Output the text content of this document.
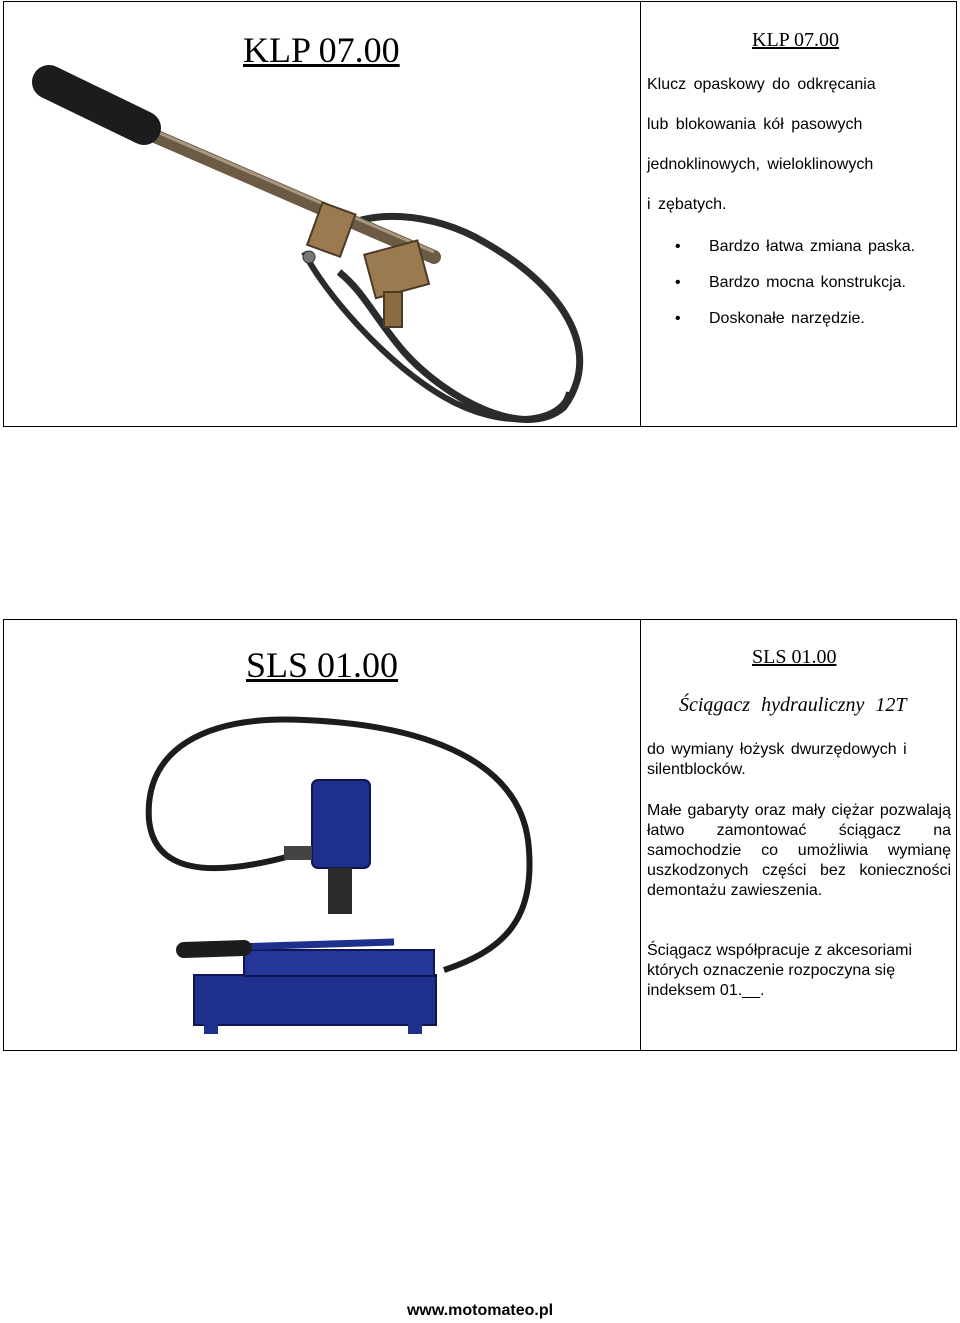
KLP 07.00	KLP 07.00
Klucz opaskowy do odkręcania
lub blokowania kół pasowych
jednoklinowych, wieloklinowych
i zębatych.
• Bardzo łatwa zmiana paska.
• Bardzo mocna konstrukcja.
• Doskonałe narzędzie.
SLS 01.00	SLS 01.00
Ściągacz hydrauliczny 12T

do wymiany łożysk dwurzędowych i silentblocków.

Małe gabaryty oraz mały ciężar pozwalają łatwo zamontować ściągacz na samochodzie co umożliwia wymianę uszkodzonych części bez konieczności demontażu zawieszenia.

Ściągacz współpracuje z akcesoriami których oznaczenie rozpoczyna się indeksem 01.__.

www.motomateo.pl
